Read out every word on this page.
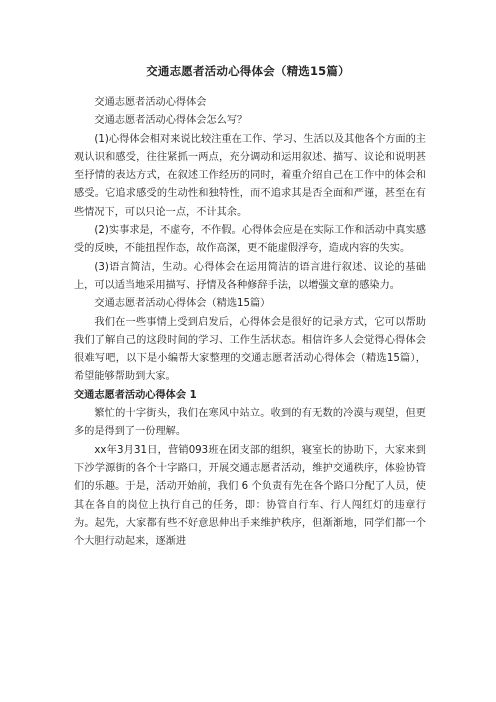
交通志愿者活动心得体会（精选15篇）

交通志愿者活动心得体会

交通志愿者活动心得体会怎么写？

(1)心得体会相对来说比较注重在工作、学习、生活以及其他各个方面的主观认识和感受，往往紧抓一两点，充分调动和运用叙述、描写、议论和说明甚至抒情的表达方式，在叙述工作经历的同时，着重介绍自己在工作中的体会和感受。它追求感受的生动性和独特性，而不追求其是否全面和严谨，甚至在有些情况下，可以只论一点，不计其余。

(2)实事求是，不虚夸，不作假。心得体会应是在实际工作和活动中真实感受的反映，不能扭捏作态，故作高深，更不能虚假浮夸，造成内容的失实。

(3)语言简洁，生动。心得体会在运用简洁的语言进行叙述、议论的基础上，可以适当地采用描写、抒情及各种修辞手法，以增强文章的感染力。

交通志愿者活动心得体会（精选15篇）

我们在一些事情上受到启发后，心得体会是很好的记录方式，它可以帮助我们了解自己的这段时间的学习、工作生活状态。相信许多人会觉得心得体会很难写吧，以下是小编帮大家整理的交通志愿者活动心得体会（精选15篇），希望能够帮助到大家。

交通志愿者活动心得体会 1

繁忙的十字街头，我们在寒风中站立。收到的有无数的冷漠与观望，但更多的是得到了一份理解。

xx年3月31日，营销093班在团支部的组织，寝室长的协助下，大家来到下沙学源街的各个十字路口，开展交通志愿者活动，维护交通秩序，体验协管们的乐趣。于是，活动开始前，我们 6 个负责有先在各个路口分配了人员，使其在各自的岗位上执行自己的任务，即：协管自行车、行人闯红灯的违章行为。起先，大家都有些不好意思伸出手来维护秩序，但渐渐地，同学们都一个个大胆行动起来，逐渐进
